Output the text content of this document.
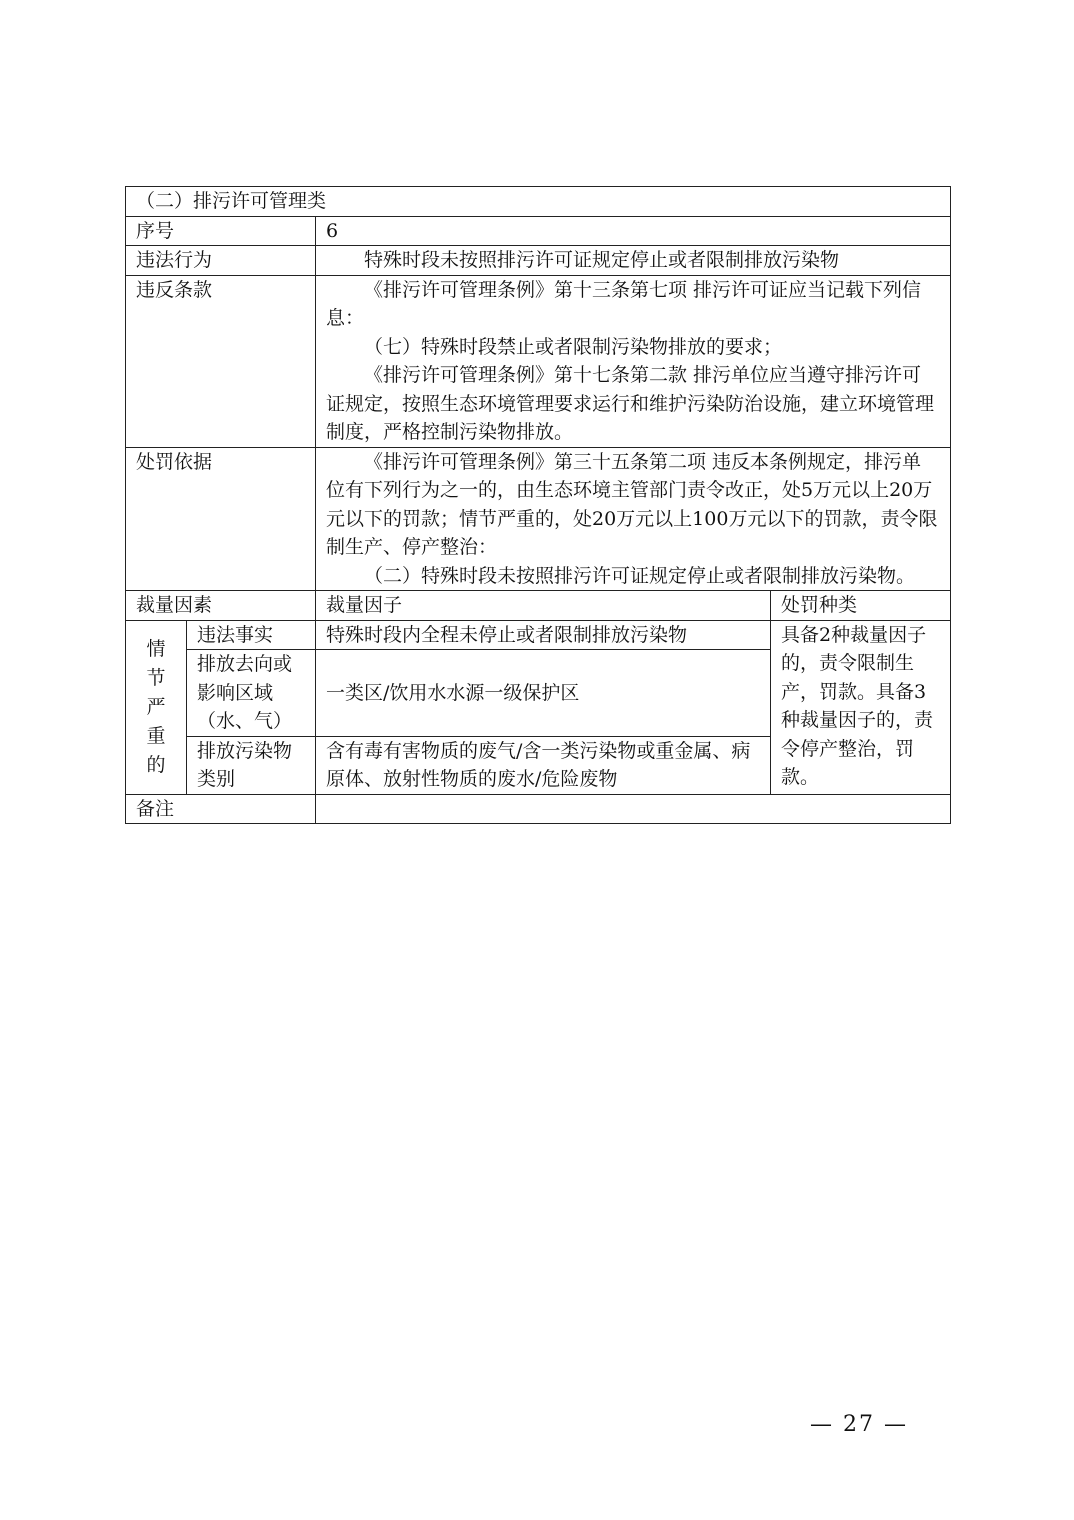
（二）排污许可管理类			
序号		6	
违法行为		特殊时段未按照排污许可证规定停止或者限制排放污染物	

违反条款		《排污许可管理条例》第十三条第七项 排污许可证应当记载下列信息：

（七）特殊时段禁止或者限制污染物排放的要求；

《排污许可管理条例》第十七条第二款 排污单位应当遵守排污许可证规定，按照生态环境管理要求运行和维护污染防治设施，建立环境管理制度，严格控制污染物排放。	

处罚依据		《排污许可管理条例》第三十五条第二项 违反本条例规定，排污单位有下列行为之一的，由生态环境主管部门责令改正，处5万元以上20万元以下的罚款；情节严重的，处20万元以上100万元以下的罚款，责令限制生产、停产整治：

（二）特殊时段未按照排污许可证规定停止或者限制排放污染物。	

裁量因素		裁量因子	处罚种类

情
节
严
重
的	违法事实	特殊时段内全程未停止或者限制排放污染物	具备2种裁量因子的，责令限制生产，罚款。具备3种裁量因子的，责令停产整治，罚款。
	排放去向或影响区域（水、气）	一类区/饮用水水源一级保护区	
	排放污染物类别	含有毒有害物质的废气/含一类污染物或重金属、病原体、放射性物质的废水/危险废物	
备注			
— 27 —
